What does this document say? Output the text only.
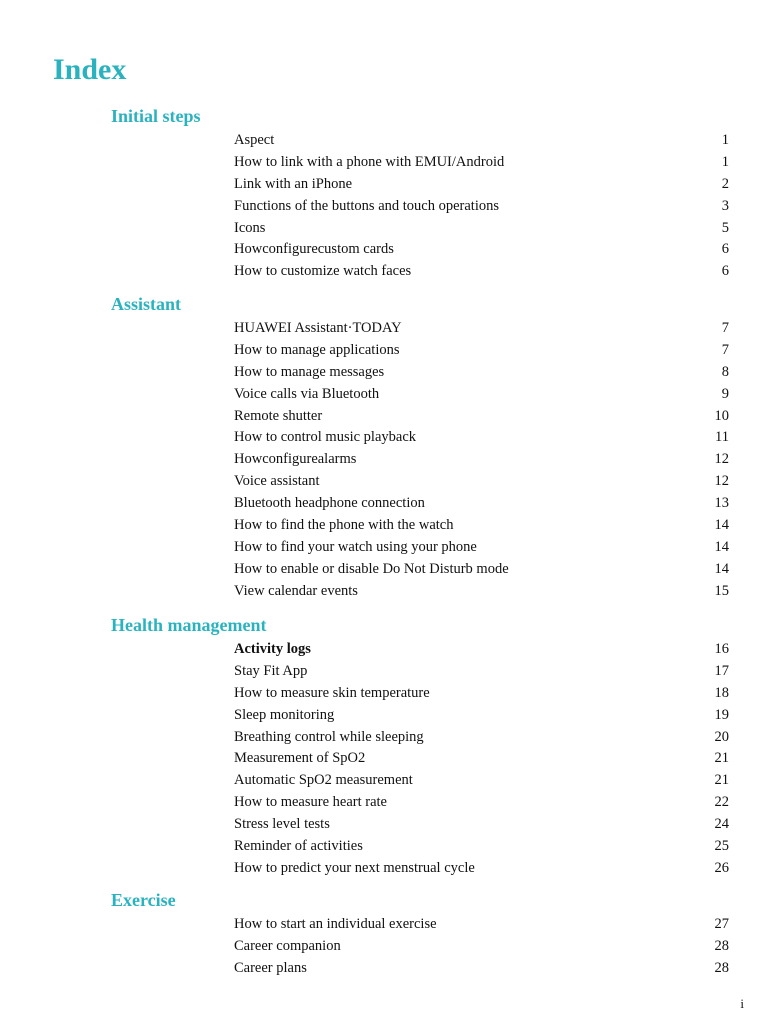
Index
Initial steps
Aspect	1
How to link with a phone with EMUI/Android	1
Link with an iPhone	2
Functions of the buttons and touch operations	3
Icons	5
Howconfigurecustom cards	6
How to customize watch faces	6
Assistant
HUAWEI Assistant·TODAY	7
How to manage applications	7
How to manage messages	8
Voice calls via Bluetooth	9
Remote shutter	10
How to control music playback	11
Howconfigurealarms	12
Voice assistant	12
Bluetooth headphone connection	13
How to find the phone with the watch	14
How to find your watch using your phone	14
How to enable or disable Do Not Disturb mode	14
View calendar events	15
Health management
Activity logs	16
Stay Fit App	17
How to measure skin temperature	18
Sleep monitoring	19
Breathing control while sleeping	20
Measurement of SpO2	21
Automatic SpO2 measurement	21
How to measure heart rate	22
Stress level tests	24
Reminder of activities	25
How to predict your next menstrual cycle	26
Exercise
How to start an individual exercise	27
Career companion	28
Career plans	28
i
